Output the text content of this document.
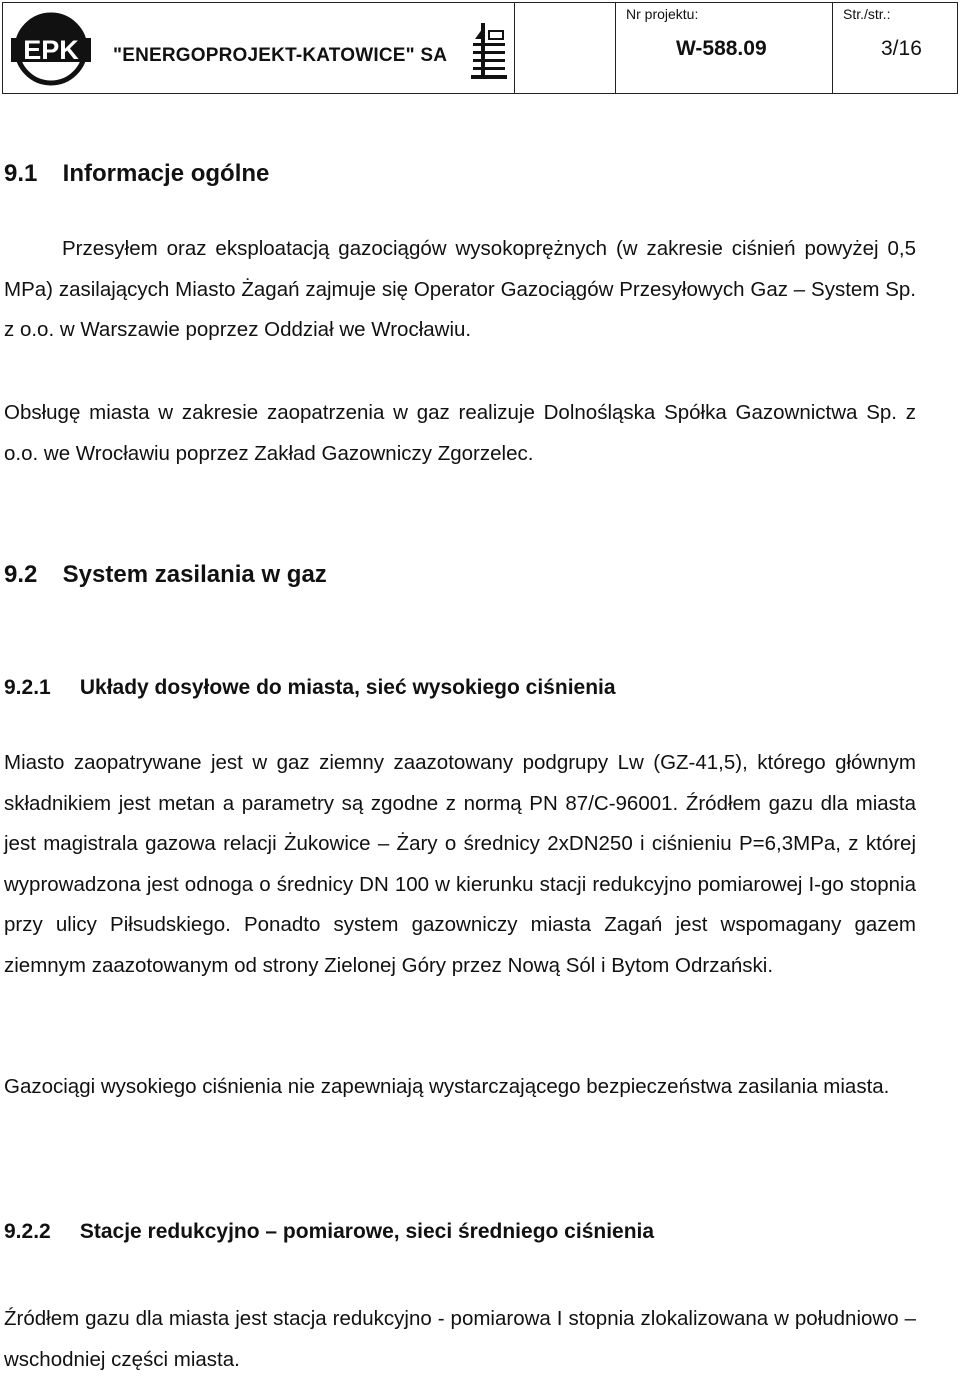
EPK "ENERGOPROJEKT-KATOWICE" SA
Nr projektu:
W-588.09
Str./str.:
3/16
9.1 Informacje ogólne
Przesyłem oraz eksploatacją gazociągów wysokoprężnych (w zakresie ciśnień powyżej 0,5 MPa) zasilających Miasto Żagań zajmuje się Operator Gazociągów Przesyłowych Gaz – System Sp. z o.o. w Warszawie poprzez Oddział we Wrocławiu.
Obsługę miasta w zakresie zaopatrzenia w gaz realizuje Dolnośląska Spółka Gazownictwa Sp. z o.o. we Wrocławiu poprzez Zakład Gazowniczy Zgorzelec.
9.2 System zasilania w gaz
9.2.1 Układy dosyłowe do miasta, sieć wysokiego ciśnienia
Miasto zaopatrywane jest w gaz ziemny zaazotowany podgrupy Lw (GZ-41,5), którego głównym składnikiem jest metan a parametry są zgodne z normą PN 87/C-96001. Źródłem gazu dla miasta jest magistrala gazowa relacji Żukowice – Żary o średnicy 2xDN250 i ciśnieniu P=6,3MPa, z której wyprowadzona jest odnoga o średnicy DN 100 w kierunku stacji redukcyjno pomiarowej I-go stopnia przy ulicy Piłsudskiego. Ponadto system gazowniczy miasta Zagań jest wspomagany gazem ziemnym zaazotowanym od strony Zielonej Góry przez Nową Sól i Bytom Odrzański.
Gazociągi wysokiego ciśnienia nie zapewniają wystarczającego bezpieczeństwa zasilania miasta.
9.2.2 Stacje redukcyjno – pomiarowe, sieci średniego ciśnienia
Źródłem gazu dla miasta jest stacja redukcyjno - pomiarowa I stopnia zlokalizowana w południowo – wschodniej części miasta.
